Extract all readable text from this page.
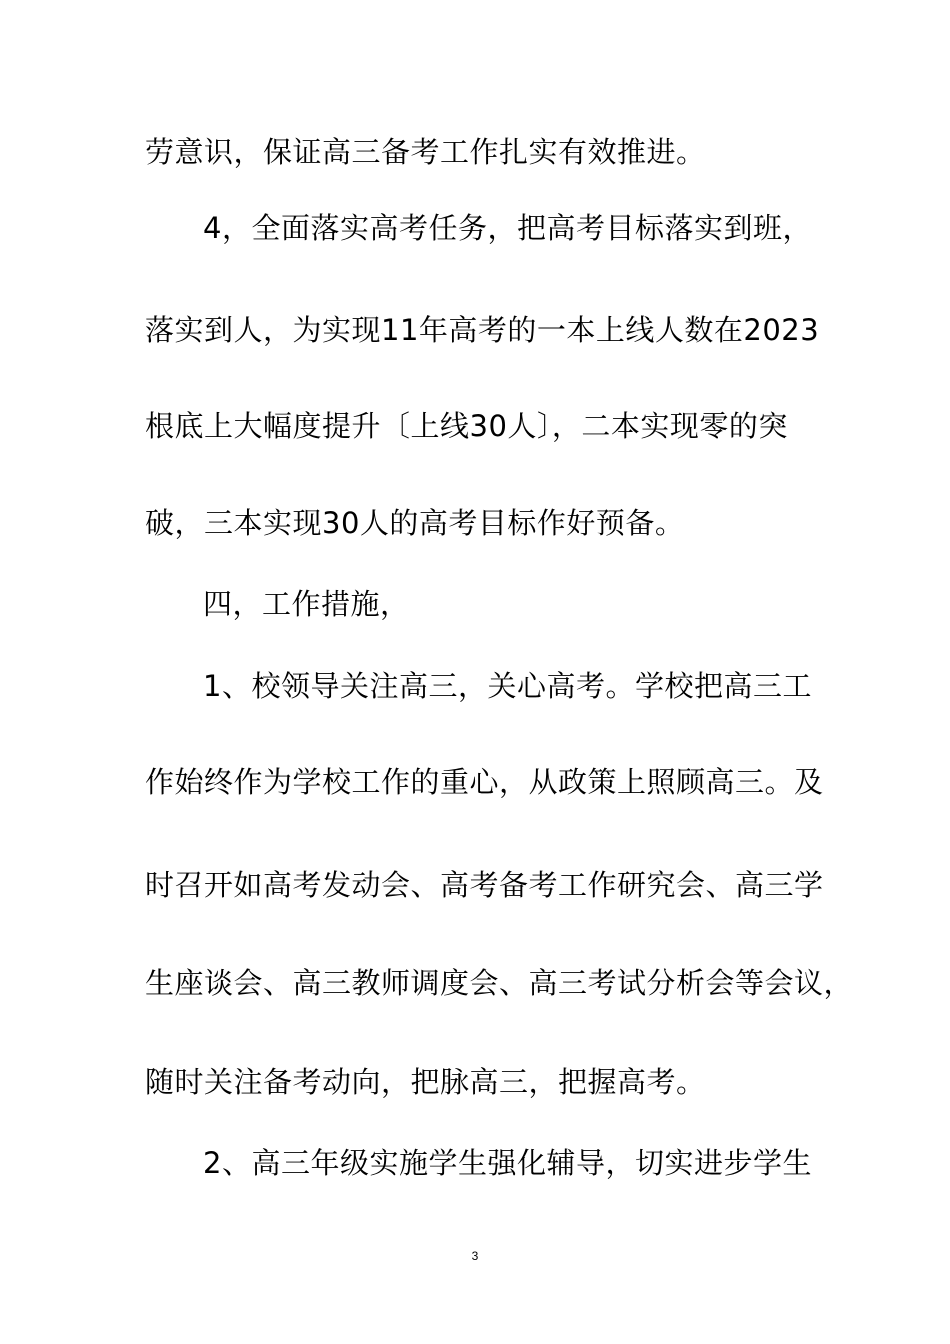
劳意识，保证高三备考工作扎实有效推进。
4，全面落实高考任务，把高考目标落实到班，
落实到人，为实现11年高考的一本上线人数在2023
根底上大幅度提升〔上线30人〕，二本实现零的突
破，三本实现30人的高考目标作好预备。
四，工作措施，
1、校领导关注高三，关心高考。学校把高三工
作始终作为学校工作的重心，从政策上照顾高三。及
时召开如高考发动会、高考备考工作研究会、高三学
生座谈会、高三教师调度会、高三考试分析会等会议，
随时关注备考动向，把脉高三，把握高考。
2、高三年级实施学生强化辅导，切实进步学生
3
